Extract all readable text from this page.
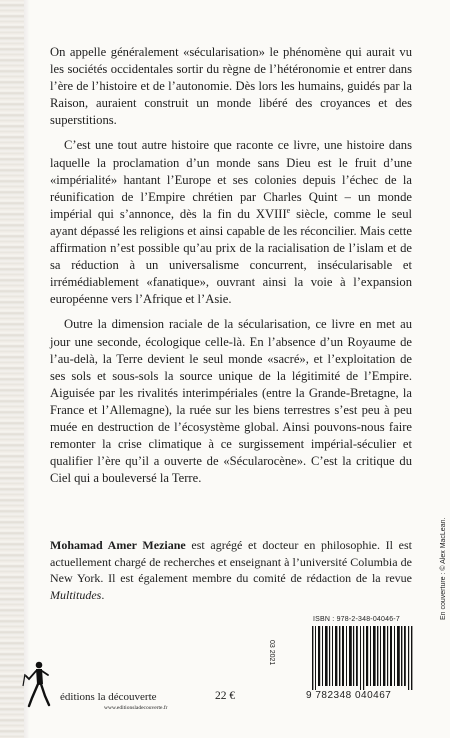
On appelle généralement «sécularisation» le phénomène qui aurait vu les sociétés occidentales sortir du règne de l’hétéronomie et entrer dans l’ère de l’histoire et de l’autonomie. Dès lors les humains, guidés par la Raison, auraient construit un monde libéré des croyances et des superstitions.

C’est une tout autre histoire que raconte ce livre, une histoire dans laquelle la proclamation d’un monde sans Dieu est le fruit d’une «impérialité» hantant l’Europe et ses colonies depuis l’échec de la réunification de l’Empire chrétien par Charles Quint – un monde impérial qui s’annonce, dès la fin du XVIIIe siècle, comme le seul ayant dépassé les religions et ainsi capable de les réconcilier. Mais cette affirmation n’est possible qu’au prix de la racialisation de l’islam et de sa réduction à un universalisme concurrent, insécularisable et irrémédiablement «fanatique», ouvrant ainsi la voie à l’expansion européenne vers l’Afrique et l’Asie.

Outre la dimension raciale de la sécularisation, ce livre en met au jour une seconde, écologique celle-là. En l’absence d’un Royaume de l’au-delà, la Terre devient le seul monde «sacré», et l’exploitation de ses sols et sous-sols la source unique de la légitimité de l’Empire. Aiguisée par les rivalités interimpériales (entre la Grande-Bretagne, la France et l’Allemagne), la ruée sur les biens terrestres s’est peu à peu muée en destruction de l’écosystème global. Ainsi pouvons-nous faire remonter la crise climatique à ce surgissement impérial-séculier et qualifier l’ère qu’il a ouverte de «Sécularocène». C’est la critique du Ciel qui a bouleversé la Terre.

Mohamad Amer Meziane est agrégé et docteur en philosophie. Il est actuellement chargé de recherches et enseignant à l’université Columbia de New York. Il est également membre du comité de rédaction de la revue Multitudes.
03 2021
ISBN : 978-2-348-04046-7
9 782348 040467
En couverture : © Alex MacLean.
éditions la découverte
www.editionsladecouverte.fr
22 €
